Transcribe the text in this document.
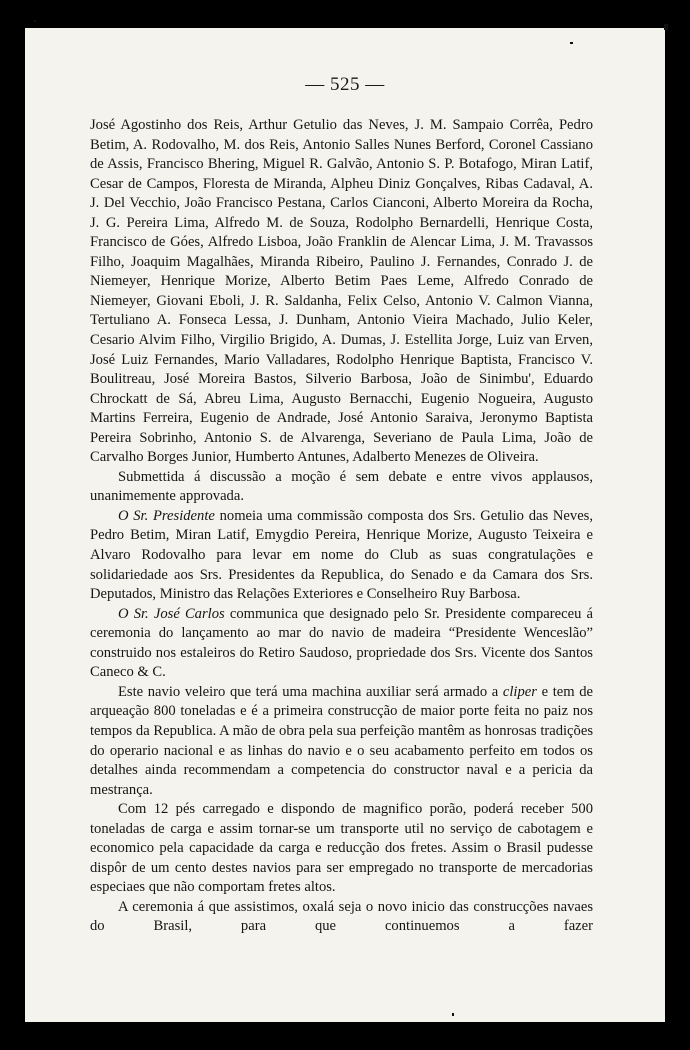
— 525 —

José Agostinho dos Reis, Arthur Getulio das Neves, J. M. Sampaio Corrêa, Pedro Betim, A. Rodovalho, M. dos Reis, Antonio Salles Nunes Berford, Coronel Cassiano de Assis, Francisco Bhering, Miguel R. Galvão, Antonio S. P. Botafogo, Miran Latif, Cesar de Campos, Floresta de Miranda, Alpheu Diniz Gonçalves, Ribas Cadaval, A. J. Del Vecchio, João Francisco Pestana, Carlos Cianconi, Alberto Moreira da Rocha, J. G. Pereira Lima, Alfredo M. de Souza, Rodolpho Bernardelli, Henrique Costa, Francisco de Góes, Alfredo Lisboa, João Franklin de Alencar Lima, J. M. Travassos Filho, Joaquim Magalhães, Miranda Ribeiro, Paulino J. Fernandes, Conrado J. de Niemeyer, Henrique Morize, Alberto Betim Paes Leme, Alfredo Conrado de Niemeyer, Giovani Eboli, J. R. Saldanha, Felix Celso, Antonio V. Calmon Vianna, Tertuliano A. Fonseca Lessa, J. Dunham, Antonio Vieira Machado, Julio Keler, Cesario Alvim Filho, Virgilio Brigido, A. Dumas, J. Estellita Jorge, Luiz van Erven, José Luiz Fernandes, Mario Valladares, Rodolpho Henrique Baptista, Francisco V. Boulitreau, José Moreira Bastos, Silverio Barbosa, João de Sinimbu', Eduardo Chrockatt de Sá, Abreu Lima, Augusto Bernacchi, Eugenio Nogueira, Augusto Martins Ferreira, Eugenio de Andrade, José Antonio Saraiva, Jeronymo Baptista Pereira Sobrinho, Antonio S. de Alvarenga, Severiano de Paula Lima, João de Carvalho Borges Junior, Humberto Antunes, Adalberto Menezes de Oliveira.

Submettida á discussão a moção é sem debate e entre vivos applausos, unanimemente approvada.

O Sr. Presidente nomeia uma commissão composta dos Srs. Getulio das Neves, Pedro Betim, Miran Latif, Emygdio Pereira, Henrique Morize, Augusto Teixeira e Alvaro Rodovalho para levar em nome do Club as suas congratulações e solidariedade aos Srs. Presidentes da Republica, do Senado e da Camara dos Srs. Deputados, Ministro das Relações Exteriores e Conselheiro Ruy Barbosa.

O Sr. José Carlos communica que designado pelo Sr. Presidente compareceu á ceremonia do lançamento ao mar do navio de madeira “Presidente Wenceslão” construido nos estaleiros do Retiro Saudoso, propriedade dos Srs. Vicente dos Santos Caneco & C.

Este navio veleiro que terá uma machina auxiliar será armado a cliper e tem de arqueação 800 toneladas e é a primeira construcção de maior porte feita no paiz nos tempos da Republica. A mão de obra pela sua perfeição mantêm as honrosas tradições do operario nacional e as linhas do navio e o seu acabamento perfeito em todos os detalhes ainda recommendam a competencia do constructor naval e a pericia da mestrança.

Com 12 pés carregado e dispondo de magnifico porão, poderá receber 500 toneladas de carga e assim tornar-se um transporte util no serviço de cabotagem e economico pela capacidade da carga e reducção dos fretes. Assim o Brasil pudesse dispôr de um cento destes navios para ser empregado no transporte de mercadorias especiaes que não comportam fretes altos.

A ceremonia á que assistimos, oxalá seja o novo inicio das construcções navaes do Brasil, para que continuemos a fazer
